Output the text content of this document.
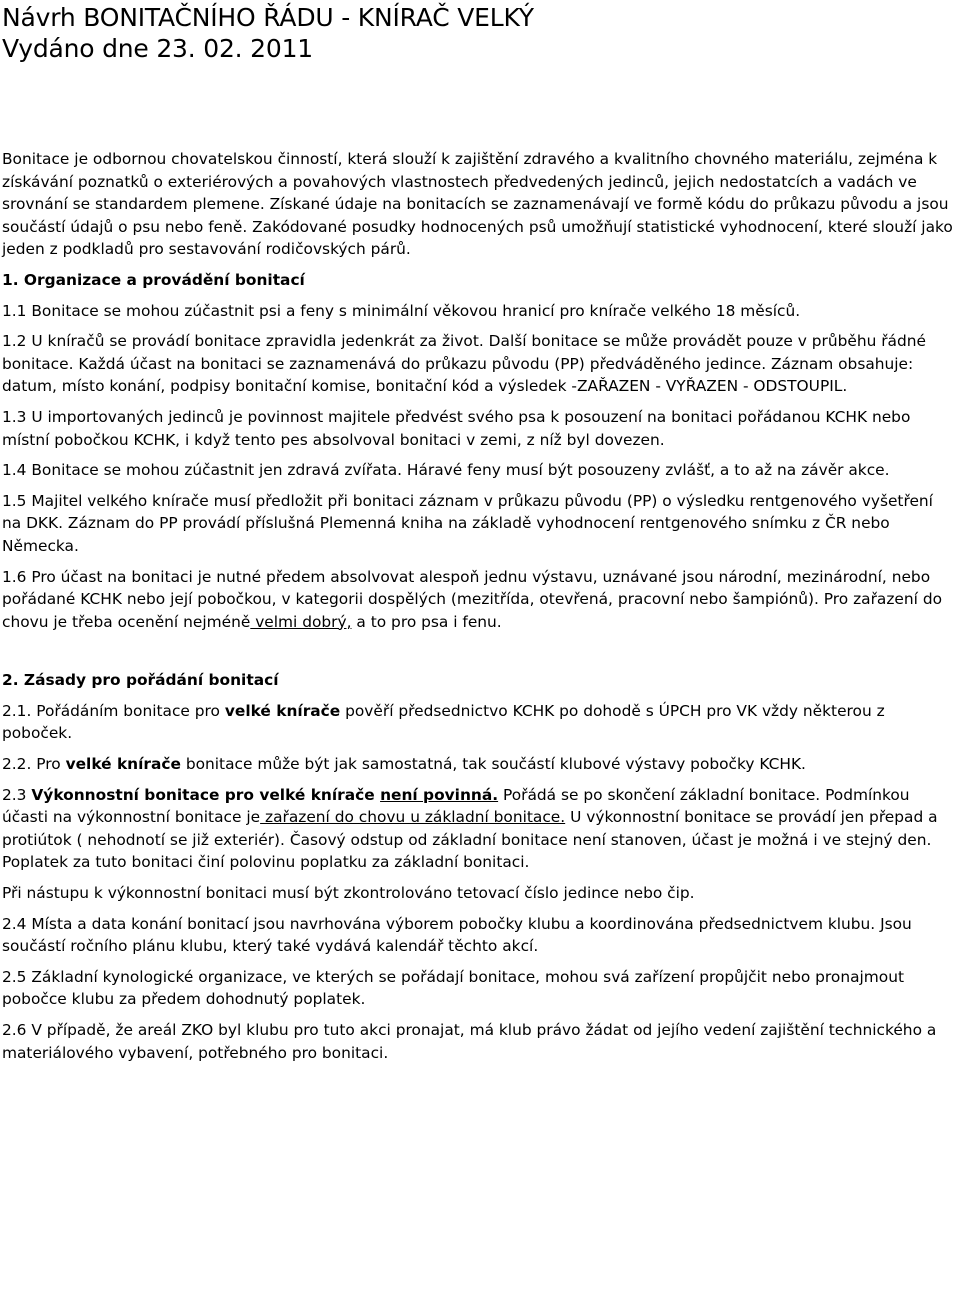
Návrh BONITAČNÍHO ŘÁDU - KNÍRAČ VELKÝ
Vydáno dne 23. 02. 2011

Bonitace je odbornou chovatelskou činností, která slouží k zajištění zdravého a kvalitního chovného materiálu, zejména k získávání poznatků o exteriérových a povahových vlastnostech předvedených jedinců, jejich nedostatcích a vadách ve srovnání se standardem plemene. Získané údaje na bonitacích se zaznamenávají ve formě kódu do průkazu původu a jsou součástí údajů o psu nebo feně. Zakódované posudky hodnocených psů umožňují statistické vyhodnocení, které slouží jako jeden z podkladů pro sestavování rodičovských párů.

1. Organizace a provádění bonitací

1.1 Bonitace se mohou zúčastnit psi a feny s minimální věkovou hranicí pro knírače velkého 18 měsíců.

1.2 U kníračů se provádí bonitace zpravidla jedenkrát za život. Další bonitace se může provádět pouze v průběhu řádné bonitace. Každá účast na bonitaci se zaznamenává do průkazu původu (PP) předváděného jedince. Záznam obsahuje: datum, místo konání, podpisy bonitační komise, bonitační kód a výsledek -ZAŘAZEN - VYŘAZEN - ODSTOUPIL.

1.3 U importovaných jedinců je povinnost majitele předvést svého psa k posouzení na bonitaci pořádanou KCHK nebo místní pobočkou KCHK, i když tento pes absolvoval bonitaci v zemi, z níž byl dovezen.

1.4 Bonitace se mohou zúčastnit jen zdravá zvířata. Háravé feny musí být posouzeny zvlášť, a to až na závěr akce.

1.5 Majitel velkého knírače musí předložit při bonitaci záznam v průkazu původu (PP) o výsledku rentgenového vyšetření na DKK. Záznam do PP provádí příslušná Plemenná kniha na základě vyhodnocení rentgenového snímku z ČR nebo Německa.

1.6 Pro účast na bonitaci je nutné předem absolvovat alespoň jednu výstavu, uznávané jsou národní, mezinárodní, nebo pořádané KCHK nebo její pobočkou, v kategorii dospělých (mezitřída, otevřená, pracovní nebo šampiónů). Pro zařazení do chovu je třeba ocenění nejméně velmi dobrý, a to pro psa i fenu.

2. Zásady pro pořádání bonitací

2.1. Pořádáním bonitace pro velké knírače pověří předsednictvo KCHK po dohodě s ÚPCH pro VK vždy některou z poboček.

2.2. Pro velké knírače bonitace může být jak samostatná, tak součástí klubové výstavy pobočky KCHK.

2.3 Výkonnostní bonitace pro velké knírače není povinná. Pořádá se po skončení základní bonitace. Podmínkou účasti na výkonnostní bonitace je zařazení do chovu u základní bonitace. U výkonnostní bonitace se provádí jen přepad a protiútok ( nehodnotí se již exteriér). Časový odstup od základní bonitace není stanoven, účast je možná i ve stejný den. Poplatek za tuto bonitaci činí polovinu poplatku za základní bonitaci.

Při nástupu k výkonnostní bonitaci musí být zkontrolováno tetovací číslo jedince nebo čip.

2.4 Místa a data konání bonitací jsou navrhována výborem pobočky klubu a koordinována předsednictvem klubu. Jsou součástí ročního plánu klubu, který také vydává kalendář těchto akcí.

2.5 Základní kynologické organizace, ve kterých se pořádají bonitace, mohou svá zařízení propůjčit nebo pronajmout pobočce klubu za předem dohodnutý poplatek.

2.6 V případě, že areál ZKO byl klubu pro tuto akci pronajat, má klub právo žádat od jejího vedení zajištění technického a materiálového vybavení, potřebného pro bonitaci.
